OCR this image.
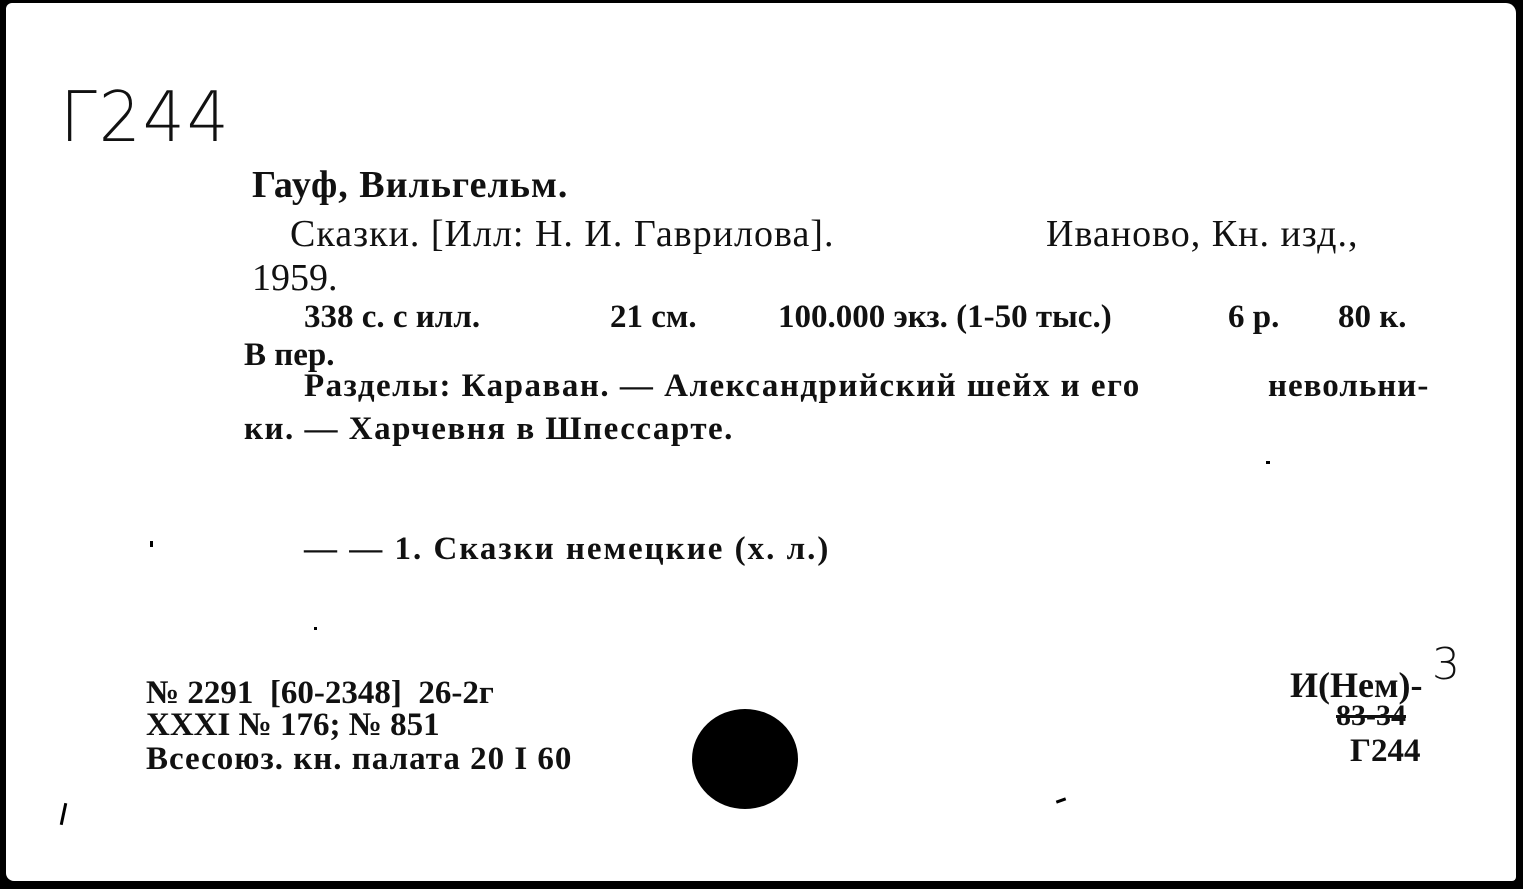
Г244
Гауф, Вильгельм.
Сказки. [Илл: Н. И. Гаврилова].	Иваново, Кн. изд.,
1959.
338 с. с илл.	21 см. 100.000 экз. (1-50 тыс.)	6 р. 80 к.
В пер.
Разделы: Караван. — Александрийский шейх и его	невольни-
ки. — Харчевня в Шпессарте.
— — 1. Сказки немецкие (х. л.)
№ 2291  [60-2348]  26-2г
XXXI № 176; № 851
Всесоюз. кн. палата 20 I 60
И(Нем)- 3
83-34
Г244
